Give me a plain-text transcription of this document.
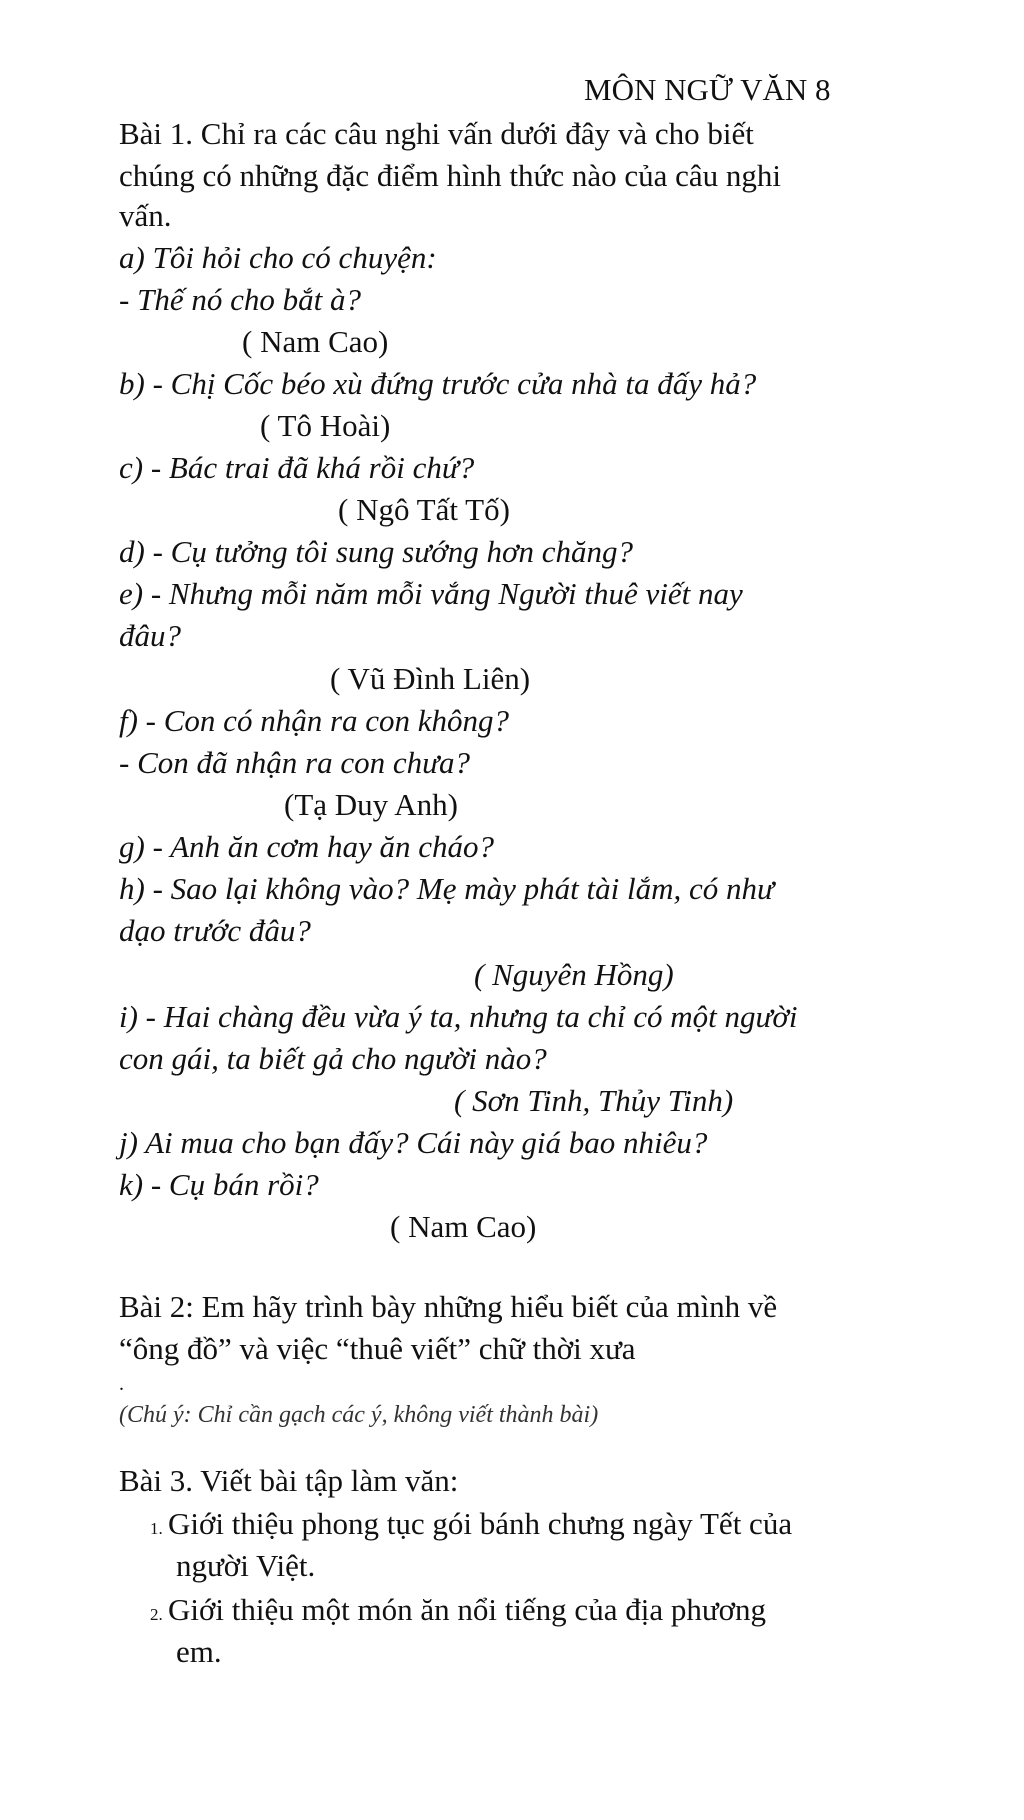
MÔN NGỮ VĂN 8
Bài 1. Chỉ ra các câu nghi vấn dưới đây và cho biết
chúng có những đặc điểm hình thức nào của câu nghi
vấn.
a) Tôi hỏi cho có chuyện:
- Thế nó cho bắt à?
( Nam Cao)
b) - Chị Cốc béo xù đứng trước cửa nhà ta đấy hả?
( Tô Hoài)
c) - Bác trai đã khá rồi chứ?
( Ngô Tất Tố)
d) - Cụ tưởng tôi sung sướng hơn chăng?
e) - Nhưng mỗi năm mỗi vắng Người thuê viết nay
đâu?
( Vũ Đình Liên)
f) - Con có nhận ra con không?
- Con đã nhận ra con chưa?
(Tạ Duy Anh)
g) - Anh ăn cơm hay ăn cháo?
h) - Sao lại không vào? Mẹ mày phát tài lắm, có như
dạo trước đâu?
( Nguyên Hồng)
i) - Hai chàng đều vừa ý ta, nhưng ta chỉ có một người
con gái, ta biết gả cho người nào?
( Sơn Tinh, Thủy Tinh)
j) Ai mua cho bạn đấy? Cái này giá bao nhiêu?
k) - Cụ bán rồi?
( Nam Cao)
Bài 2: Em hãy trình bày những hiểu biết của mình về
“ông đồ” và việc “thuê viết” chữ thời xưa
.
(Chú ý: Chỉ cần gạch các ý, không viết thành bài)
Bài 3. Viết bài tập làm văn:
1. Giới thiệu phong tục gói bánh chưng ngày Tết của
người Việt.
2. Giới thiệu một món ăn nổi tiếng của địa phương
em.
